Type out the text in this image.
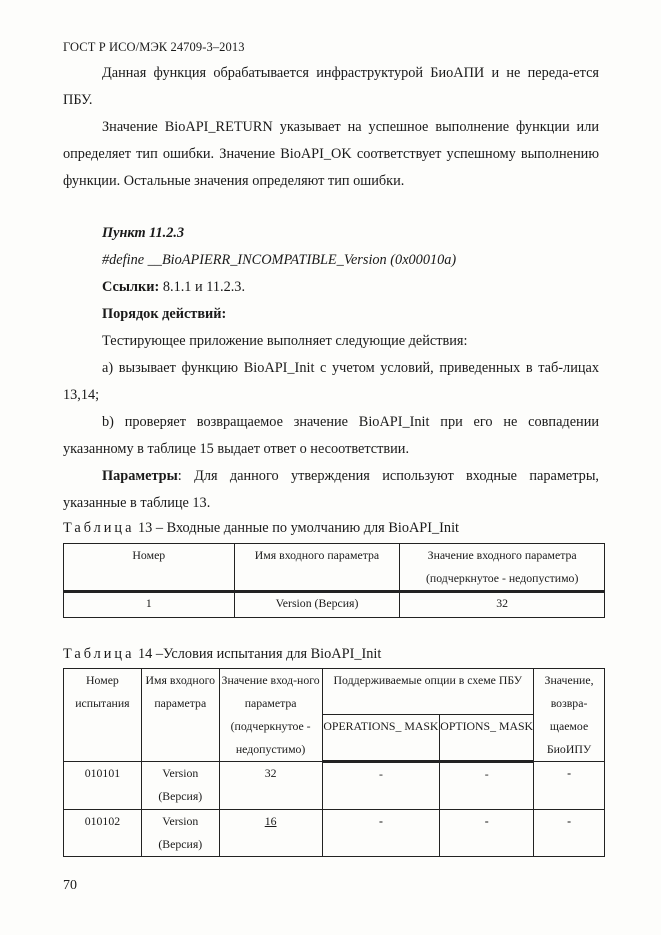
ГОСТ Р ИСО/МЭК 24709-3–2013

Данная функция обрабатывается инфраструктурой БиоАПИ и не переда-ется ПБУ.

Значение BioAPI_RETURN указывает на успешное выполнение функции или определяет тип ошибки. Значение BioAPI_OK соответствует успешному выполнению функции. Остальные значения определяют тип ошибки.

Пункт 11.2.3

#define __BioAPIERR_INCOMPATIBLE_Version (0x00010a)

Ссылки: 8.1.1 и 11.2.3.

Порядок действий:

Тестирующее приложение выполняет следующие действия:

a) вызывает функцию BioAPI_Init с учетом условий, приведенных в таб-лицах 13,14;

b) проверяет возвращаемое значение BioAPI_Init при его не совпадении указанному в таблице 15 выдает ответ о несоответствии.

Параметры: Для данного утверждения используют входные параметры, указанные в таблице 13.

Таблица 13 – Входные данные по умолчанию для BioAPI_Init
Номер	Имя входного параметра	Значение входного параметра (подчеркнутое - недопустимо)
1	Version (Версия)	32
Таблица 14 –Условия испытания для BioAPI_Init
Номер испытания	Имя входного параметра	Значение вход-ного параметра (подчеркнутое - недопустимо)	Поддерживаемые опции в схеме ПБУ		Значение, возвра-щаемое БиоИПУ
			OPERATIONS_ MASK	OPTIONS_ MASK	
010101	Version (Версия)	32	-	-	-
010102	Version (Версия)	16	-	-	-
70
